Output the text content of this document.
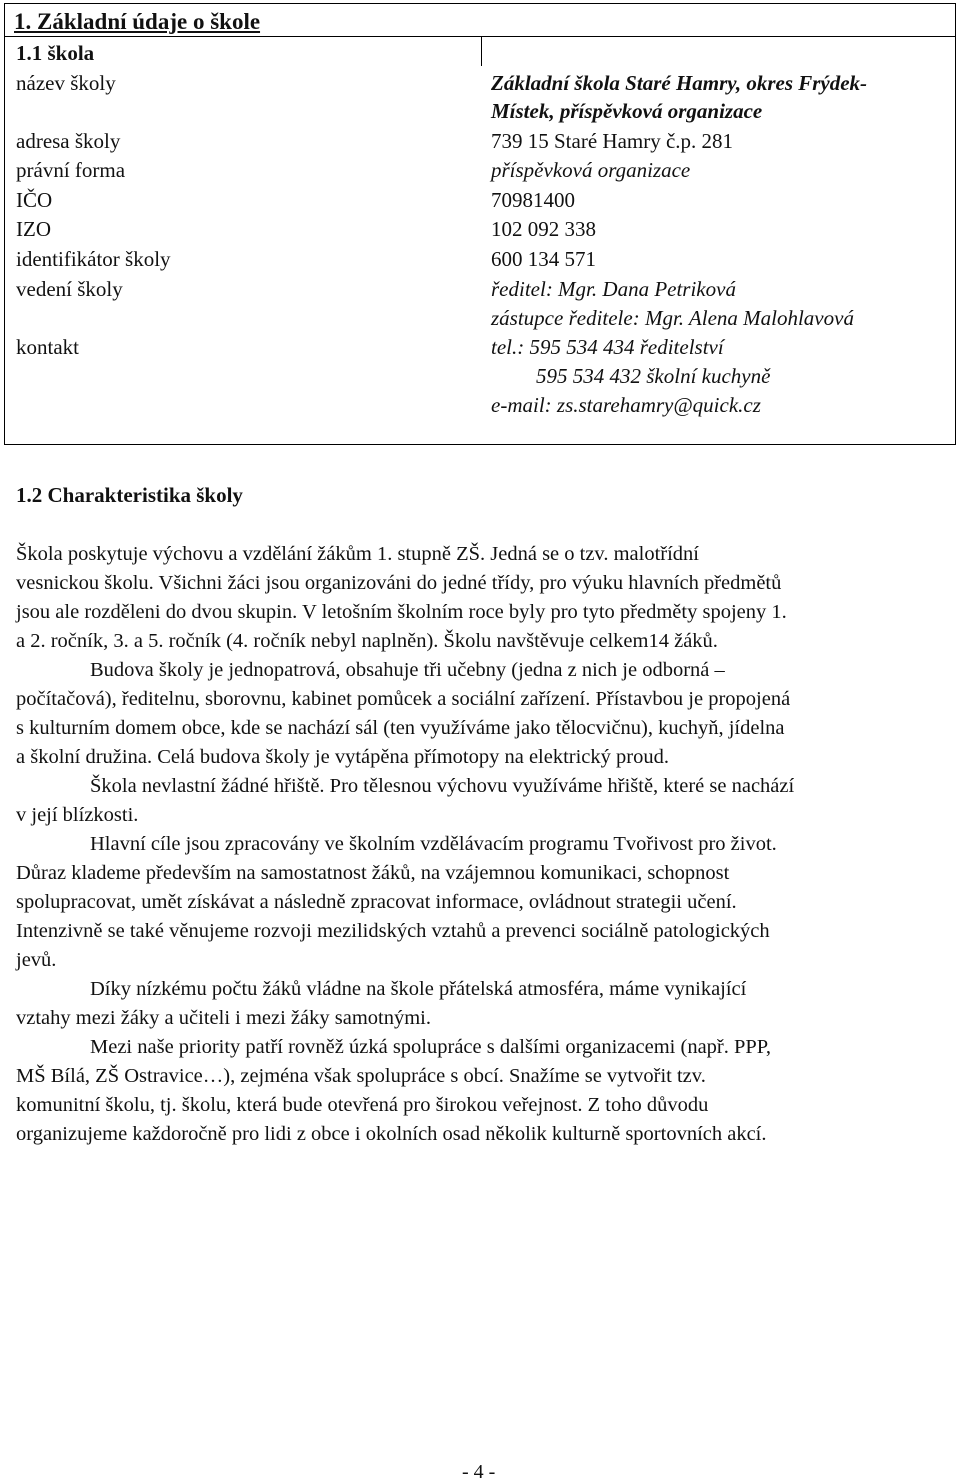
1. Základní údaje o škole
1.1 škola
název školy	Základní škola Staré Hamry, okres Frýdek-
Místek, příspěvková organizace
adresa školy	739 15 Staré Hamry č.p. 281
právní forma	příspěvková organizace
IČO	70981400
IZO	102 092 338
identifikátor školy	600 134 571
vedení školy	ředitel: Mgr. Dana Petriková
zástupce ředitele: Mgr. Alena Malohlavová
kontakt	tel.: 595 534 434 ředitelství
595 534 432 školní kuchyně
e-mail: zs.starehamry@quick.cz
1.2 Charakteristika školy
Škola poskytuje výchovu a vzdělání žákům 1. stupně ZŠ. Jedná se o tzv. malotřídní
vesnickou školu. Všichni žáci jsou organizováni do jedné třídy, pro výuku hlavních předmětů
jsou ale rozděleni do dvou skupin. V letošním školním roce byly pro tyto předměty spojeny 1.
a 2. ročník, 3. a 5. ročník (4. ročník nebyl naplněn). Školu navštěvuje celkem14 žáků.
Budova školy je jednopatrová, obsahuje tři učebny (jedna z nich je odborná –
počítačová), ředitelnu, sborovnu, kabinet pomůcek a sociální zařízení. Přístavbou je propojená
s kulturním domem obce, kde se nachází sál (ten využíváme jako tělocvičnu), kuchyň, jídelna
a školní družina. Celá budova školy je vytápěna přímotopy na elektrický proud.
Škola nevlastní žádné hřiště. Pro tělesnou výchovu využíváme hřiště, které se nachází
v její blízkosti.
Hlavní cíle jsou zpracovány ve školním vzdělávacím programu Tvořivost pro život.
Důraz klademe především na samostatnost žáků, na vzájemnou komunikaci, schopnost
spolupracovat, umět získávat a následně zpracovat informace, ovládnout strategii učení.
Intenzivně se také věnujeme rozvoji mezilidských vztahů a prevenci sociálně patologických
jevů.
Díky nízkému počtu žáků vládne na škole přátelská atmosféra, máme vynikající
vztahy mezi žáky a učiteli i mezi žáky samotnými.
Mezi naše priority patří rovněž úzká spolupráce s dalšími organizacemi (např. PPP,
MŠ Bílá, ZŠ Ostravice…), zejména však spolupráce s obcí. Snažíme se vytvořit tzv.
komunitní školu, tj. školu, která bude otevřená pro širokou veřejnost. Z toho důvodu
organizujeme každoročně pro lidi z obce i okolních osad několik kulturně sportovních akcí.
- 4 -
